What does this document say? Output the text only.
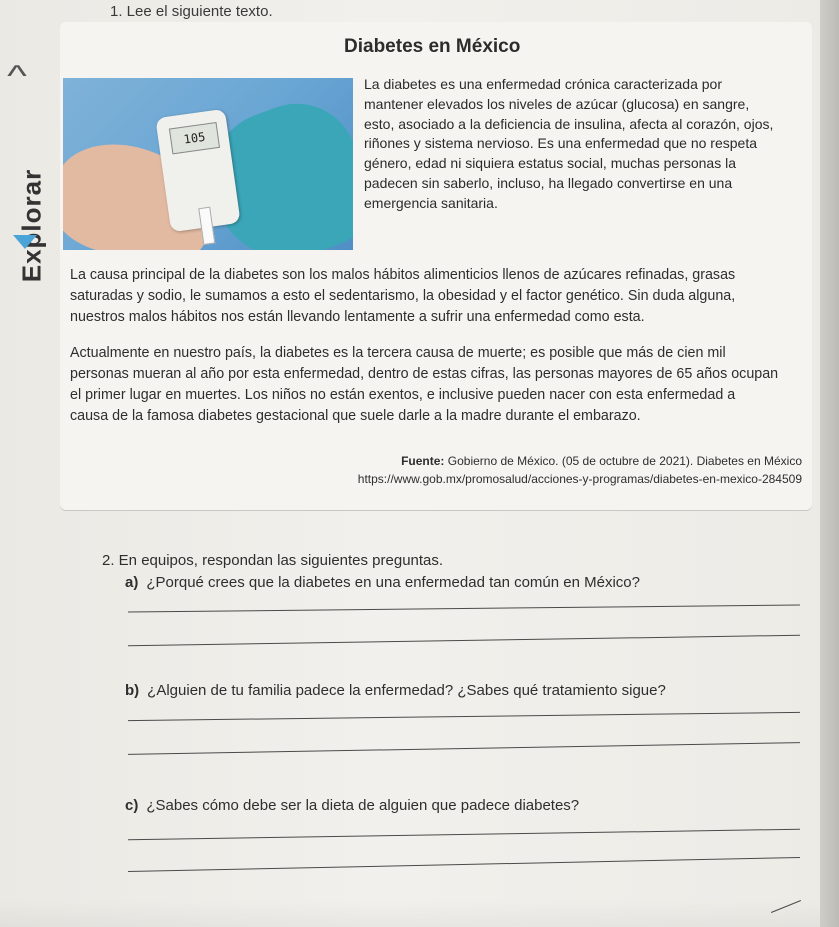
1. Lee el siguiente texto.
^
Explorar
Diabetes en México
105
La diabetes es una enfermedad crónica caracterizada por
mantener elevados los niveles de azúcar (glucosa) en sangre,
esto, asociado a la deficiencia de insulina, afecta al corazón, ojos,
riñones y sistema nervioso. Es una enfermedad que no respeta
género, edad ni siquiera estatus social, muchas personas la
padecen sin saberlo, incluso, ha llegado convertirse en una
emergencia sanitaria.
La causa principal de la diabetes son los malos hábitos alimenticios llenos de azúcares refinadas, grasas
saturadas y sodio, le sumamos a esto el sedentarismo, la obesidad y el factor genético. Sin duda alguna,
nuestros malos hábitos nos están llevando lentamente a sufrir una enfermedad como esta.
Actualmente en nuestro país, la diabetes es la tercera causa de muerte; es posible que más de cien mil
personas mueran al año por esta enfermedad, dentro de estas cifras, las personas mayores de 65 años ocupan
el primer lugar en muertes. Los niños no están exentos, e inclusive pueden nacer con esta enfermedad a
causa de la famosa diabetes gestacional que suele darle a la madre durante el embarazo.
Fuente: Gobierno de México. (05 de octubre de 2021). Diabetes en México
https://www.gob.mx/promosalud/acciones-y-programas/diabetes-en-mexico-284509
2. En equipos, respondan las siguientes preguntas.
a) ¿Porqué crees que la diabetes en una enfermedad tan común en México?
b) ¿Alguien de tu familia padece la enfermedad? ¿Sabes qué tratamiento sigue?
c) ¿Sabes cómo debe ser la dieta de alguien que padece diabetes?
